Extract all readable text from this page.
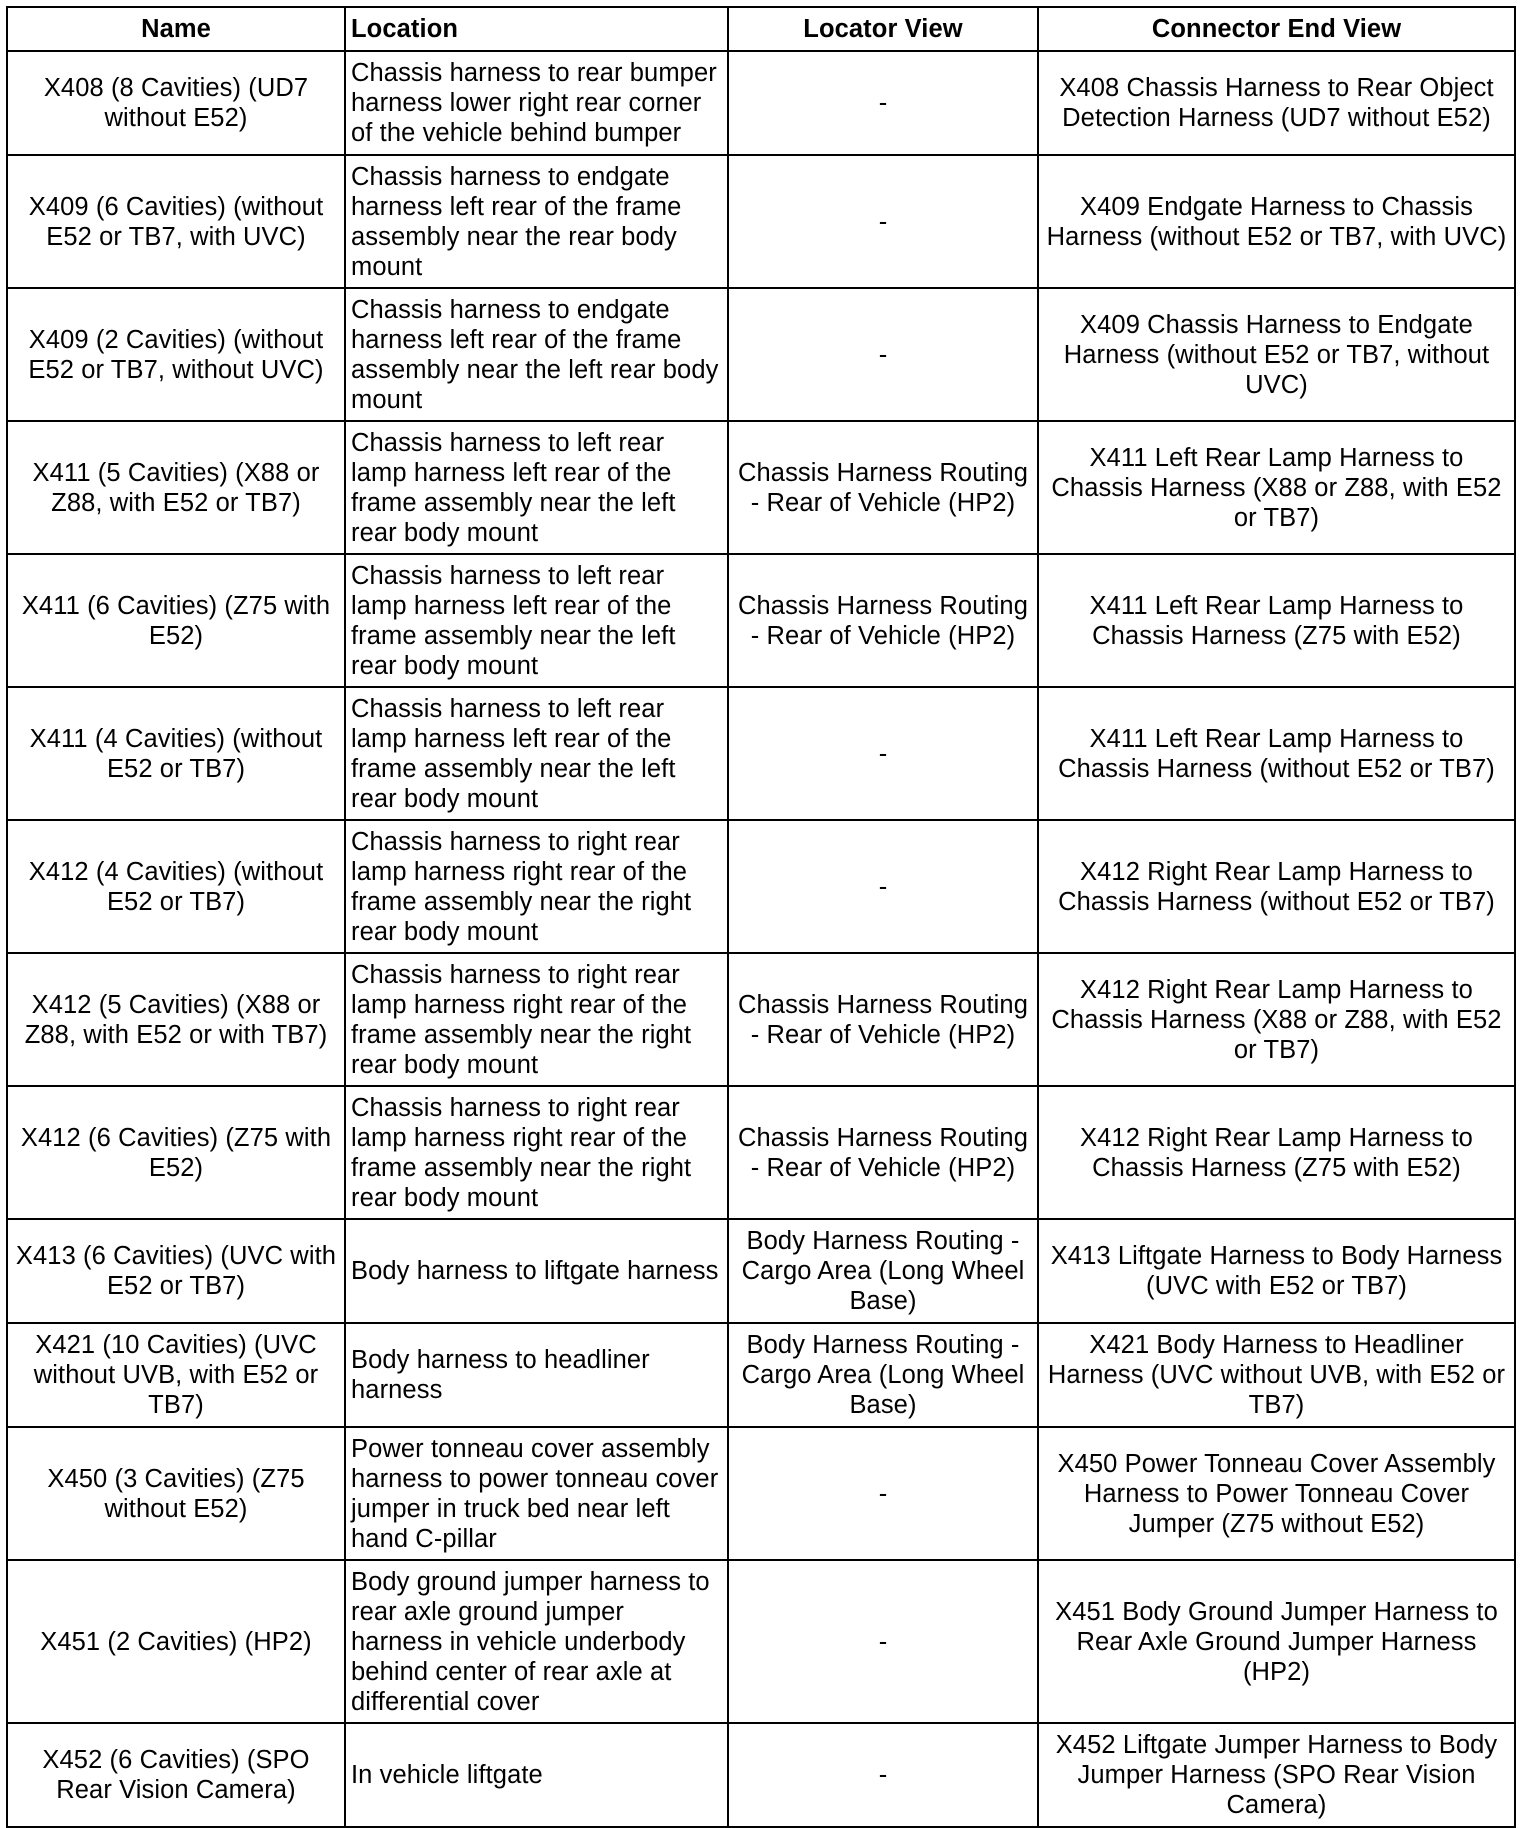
Name	Location	Locator View	Connector End View
X408 (8 Cavities) (UD7 without E52)	Chassis harness to rear bumper harness lower right rear corner of the vehicle behind bumper	-	X408 Chassis Harness to Rear Object Detection Harness (UD7 without E52)
X409 (6 Cavities) (without E52 or TB7, with UVC)	Chassis harness to endgate harness left rear of the frame assembly near the rear body mount	-	X409 Endgate Harness to Chassis Harness (without E52 or TB7, with UVC)
X409 (2 Cavities) (without E52 or TB7, without UVC)	Chassis harness to endgate harness left rear of the frame assembly near the left rear body mount	-	X409 Chassis Harness to Endgate Harness (without E52 or TB7, without UVC)
X411 (5 Cavities) (X88 or Z88, with E52 or TB7)	Chassis harness to left rear lamp harness left rear of the frame assembly near the left rear body mount	Chassis Harness Routing - Rear of Vehicle (HP2)	X411 Left Rear Lamp Harness to Chassis Harness (X88 or Z88, with E52 or TB7)
X411 (6 Cavities) (Z75 with E52)	Chassis harness to left rear lamp harness left rear of the frame assembly near the left rear body mount	Chassis Harness Routing - Rear of Vehicle (HP2)	X411 Left Rear Lamp Harness to Chassis Harness (Z75 with E52)
X411 (4 Cavities) (without E52 or TB7)	Chassis harness to left rear lamp harness left rear of the frame assembly near the left rear body mount	-	X411 Left Rear Lamp Harness to Chassis Harness (without E52 or TB7)
X412 (4 Cavities) (without E52 or TB7)	Chassis harness to right rear lamp harness right rear of the frame assembly near the right rear body mount	-	X412 Right Rear Lamp Harness to Chassis Harness (without E52 or TB7)
X412 (5 Cavities) (X88 or Z88, with E52 or with TB7)	Chassis harness to right rear lamp harness right rear of the frame assembly near the right rear body mount	Chassis Harness Routing - Rear of Vehicle (HP2)	X412 Right Rear Lamp Harness to Chassis Harness (X88 or Z88, with E52 or TB7)
X412 (6 Cavities) (Z75 with E52)	Chassis harness to right rear lamp harness right rear of the frame assembly near the right rear body mount	Chassis Harness Routing - Rear of Vehicle (HP2)	X412 Right Rear Lamp Harness to Chassis Harness (Z75 with E52)
X413 (6 Cavities) (UVC with E52 or TB7)	Body harness to liftgate harness	Body Harness Routing - Cargo Area (Long Wheel Base)	X413 Liftgate Harness to Body Harness (UVC with E52 or TB7)
X421 (10 Cavities) (UVC without UVB, with E52 or TB7)	Body harness to headliner harness	Body Harness Routing - Cargo Area (Long Wheel Base)	X421 Body Harness to Headliner Harness (UVC without UVB, with E52 or TB7)
X450 (3 Cavities) (Z75 without E52)	Power tonneau cover assembly harness to power tonneau cover jumper in truck bed near left hand C-pillar	-	X450 Power Tonneau Cover Assembly Harness to Power Tonneau Cover Jumper (Z75 without E52)
X451 (2 Cavities) (HP2)	Body ground jumper harness to rear axle ground jumper harness in vehicle underbody behind center of rear axle at differential cover	-	X451 Body Ground Jumper Harness to Rear Axle Ground Jumper Harness (HP2)
X452 (6 Cavities) (SPO Rear Vision Camera)	In vehicle liftgate	-	X452 Liftgate Jumper Harness to Body Jumper Harness (SPO Rear Vision Camera)
